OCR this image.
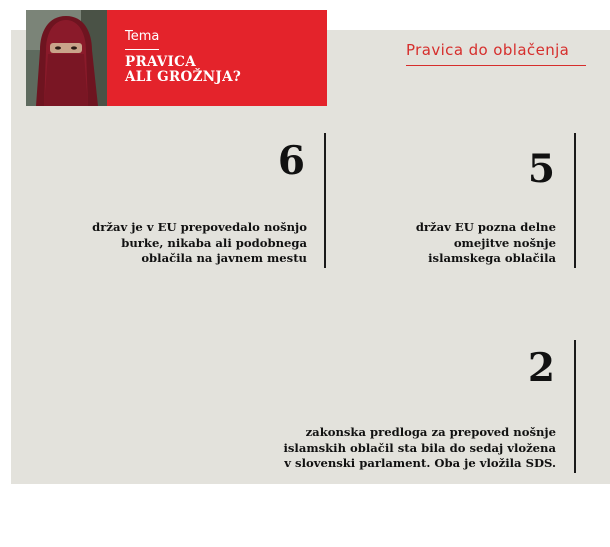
Tema
PRAVICA
ALI GROŽNJA?
Pravica do oblačenja
6
držav je v EU prepovedalo nošnjo
burke, nikaba ali podobnega
oblačila na javnem mestu
5
držav EU pozna delne
omejitve nošnje
islamskega oblačila
2
zakonska predloga za prepoved nošnje
islamskih oblačil sta bila do sedaj vložena
v slovenski parlament. Oba je vložila SDS.
